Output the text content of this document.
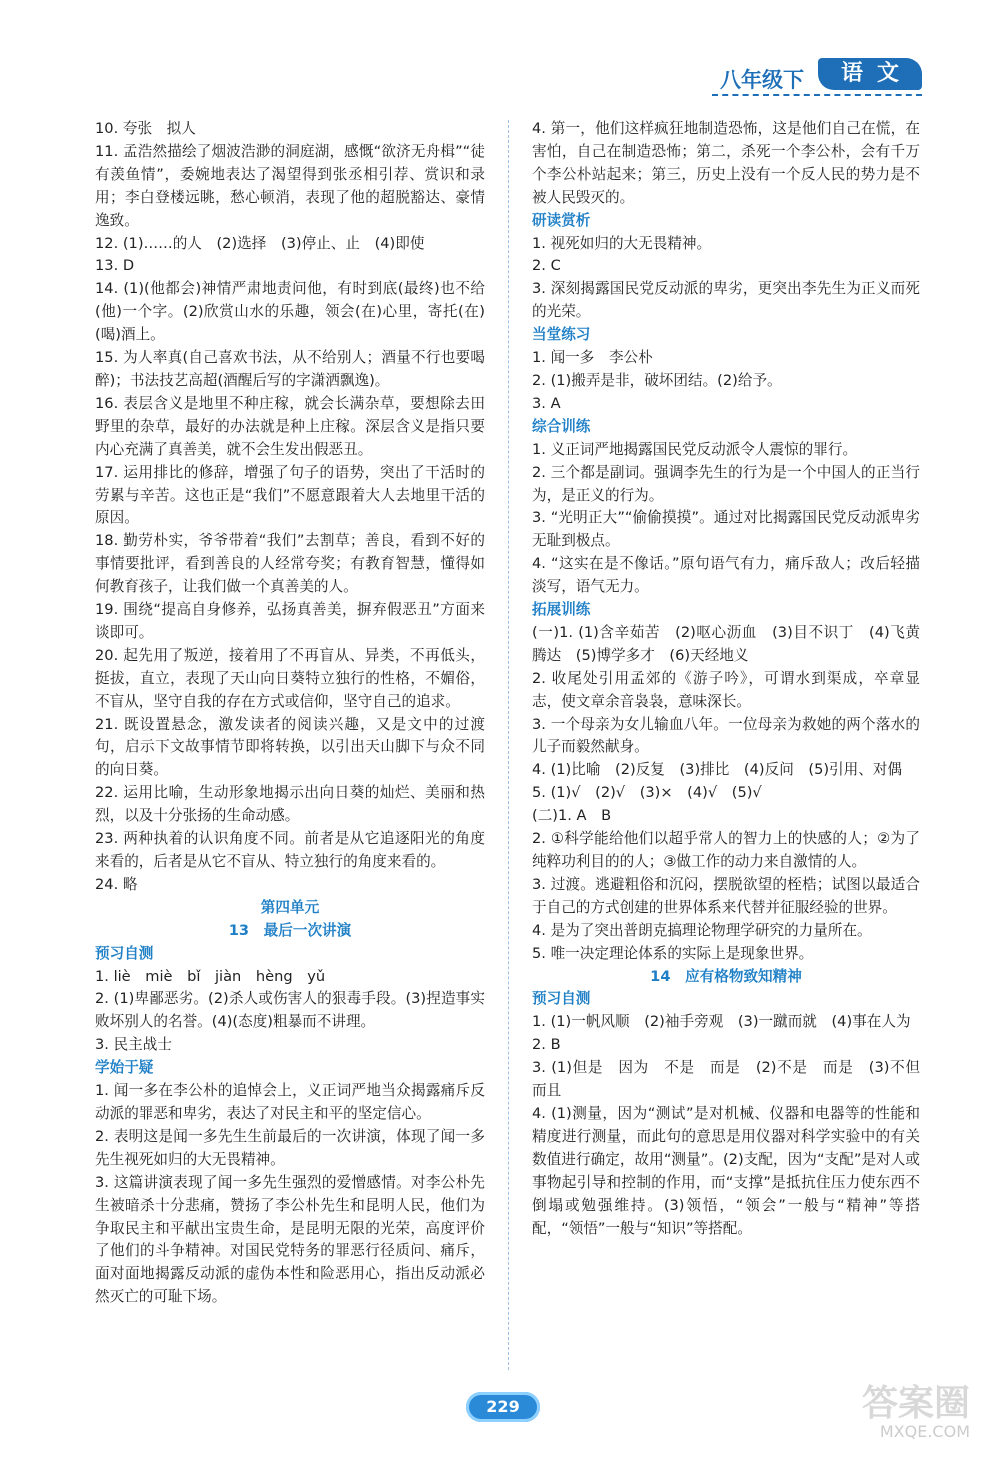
八年级下	语文

10. 夸张　拟人

11. 孟浩然描绘了烟波浩渺的洞庭湖，感慨“欲济无舟楫”“徒有羡鱼情”，委婉地表达了渴望得到张丞相引荐、赏识和录用；李白登楼远眺，愁心顿消，表现了他的超脱豁达、豪情逸致。

12. (1)……的人　(2)选择　(3)停止、止　(4)即使

13. D

14. (1)(他都会)神情严肃地责问他，有时到底(最终)也不给(他)一个字。(2)欣赏山水的乐趣，领会(在)心里，寄托(在)(喝)酒上。

15. 为人率真(自己喜欢书法，从不给别人；酒量不行也要喝醉)；书法技艺高超(酒醒后写的字潇洒飘逸)。

16. 表层含义是地里不种庄稼，就会长满杂草，要想除去田野里的杂草，最好的办法就是种上庄稼。深层含义是指只要内心充满了真善美，就不会生发出假恶丑。

17. 运用排比的修辞，增强了句子的语势，突出了干活时的劳累与辛苦。这也正是“我们”不愿意跟着大人去地里干活的原因。

18. 勤劳朴实，爷爷带着“我们”去割草；善良，看到不好的事情要批评，看到善良的人经常夸奖；有教育智慧，懂得如何教育孩子，让我们做一个真善美的人。

19. 围绕“提高自身修养，弘扬真善美，摒弃假恶丑”方面来谈即可。

20. 起先用了叛逆，接着用了不再盲从、异类，不再低头，挺拔，直立，表现了天山向日葵特立独行的性格，不媚俗，不盲从，坚守自我的存在方式或信仰，坚守自己的追求。

21. 既设置悬念，激发读者的阅读兴趣，又是文中的过渡句，启示下文故事情节即将转换，以引出天山脚下与众不同的向日葵。

22. 运用比喻，生动形象地揭示出向日葵的灿烂、美丽和热烈，以及十分张扬的生命动感。

23. 两种执着的认识角度不同。前者是从它追逐阳光的角度来看的，后者是从它不盲从、特立独行的角度来看的。

24. 略

第四单元

13　最后一次讲演

预习自测

1. liè　miè　bǐ　jiàn　hèng　yǔ

2. (1)卑鄙恶劣。(2)杀人或伤害人的狠毒手段。(3)捏造事实败坏别人的名誉。(4)(态度)粗暴而不讲理。

3. 民主战士

学始于疑

1. 闻一多在李公朴的追悼会上，义正词严地当众揭露痛斥反动派的罪恶和卑劣，表达了对民主和平的坚定信心。

2. 表明这是闻一多先生生前最后的一次讲演，体现了闻一多先生视死如归的大无畏精神。

3. 这篇讲演表现了闻一多先生强烈的爱憎感情。对李公朴先生被暗杀十分悲痛，赞扬了李公朴先生和昆明人民，他们为争取民主和平献出宝贵生命，是昆明无限的光荣，高度评价了他们的斗争精神。对国民党特务的罪恶行径质问、痛斥，面对面地揭露反动派的虚伪本性和险恶用心，指出反动派必然灭亡的可耻下场。

4. 第一，他们这样疯狂地制造恐怖，这是他们自己在慌，在害怕，自己在制造恐怖；第二，杀死一个李公朴，会有千万个李公朴站起来；第三，历史上没有一个反人民的势力是不被人民毁灭的。

研读赏析

1. 视死如归的大无畏精神。

2. C

3. 深刻揭露国民党反动派的卑劣，更突出李先生为正义而死的光荣。

当堂练习

1. 闻一多　李公朴

2. (1)搬弄是非，破坏团结。(2)给予。

3. A

综合训练

1. 义正词严地揭露国民党反动派令人震惊的罪行。

2. 三个都是副词。强调李先生的行为是一个中国人的正当行为，是正义的行为。

3. “光明正大”“偷偷摸摸”。通过对比揭露国民党反动派卑劣无耻到极点。

4. “这实在是不像话。”原句语气有力，痛斥敌人；改后轻描淡写，语气无力。

拓展训练

(一)1. (1)含辛茹苦　(2)呕心沥血　(3)目不识丁　(4)飞黄腾达　(5)博学多才　(6)天经地义

2. 收尾处引用孟郊的《游子吟》，可谓水到渠成，卒章显志，使文章余音袅袅，意味深长。

3. 一个母亲为女儿输血八年。一位母亲为救她的两个落水的儿子而毅然献身。

4. (1)比喻　(2)反复　(3)排比　(4)反问　(5)引用、对偶

5. (1)√　(2)√　(3)×　(4)√　(5)√

(二)1. A　B

2. ①科学能给他们以超乎常人的智力上的快感的人；②为了纯粹功利目的的人；③做工作的动力来自激情的人。

3. 过渡。逃避粗俗和沉闷，摆脱欲望的桎梏；试图以最适合于自己的方式创建的世界体系来代替并征服经验的世界。

4. 是为了突出普朗克搞理论物理学研究的力量所在。

5. 唯一决定理论体系的实际上是现象世界。

14　应有格物致知精神

预习自测

1. (1)一帆风顺　(2)袖手旁观　(3)一蹴而就　(4)事在人为

2. B

3. (1)但是　因为　不是　而是　(2)不是　而是　(3)不但　而且

4. (1)测量，因为“测试”是对机械、仪器和电器等的性能和精度进行测量，而此句的意思是用仪器对科学实验中的有关数值进行确定，故用“测量”。(2)支配，因为“支配”是对人或事物起引导和控制的作用，而“支撑”是抵抗住压力使东西不倒塌或勉强维持。(3)领悟，“领会”一般与“精神”等搭配，“领悟”一般与“知识”等搭配。

229	答案圈
MXQE.COM
